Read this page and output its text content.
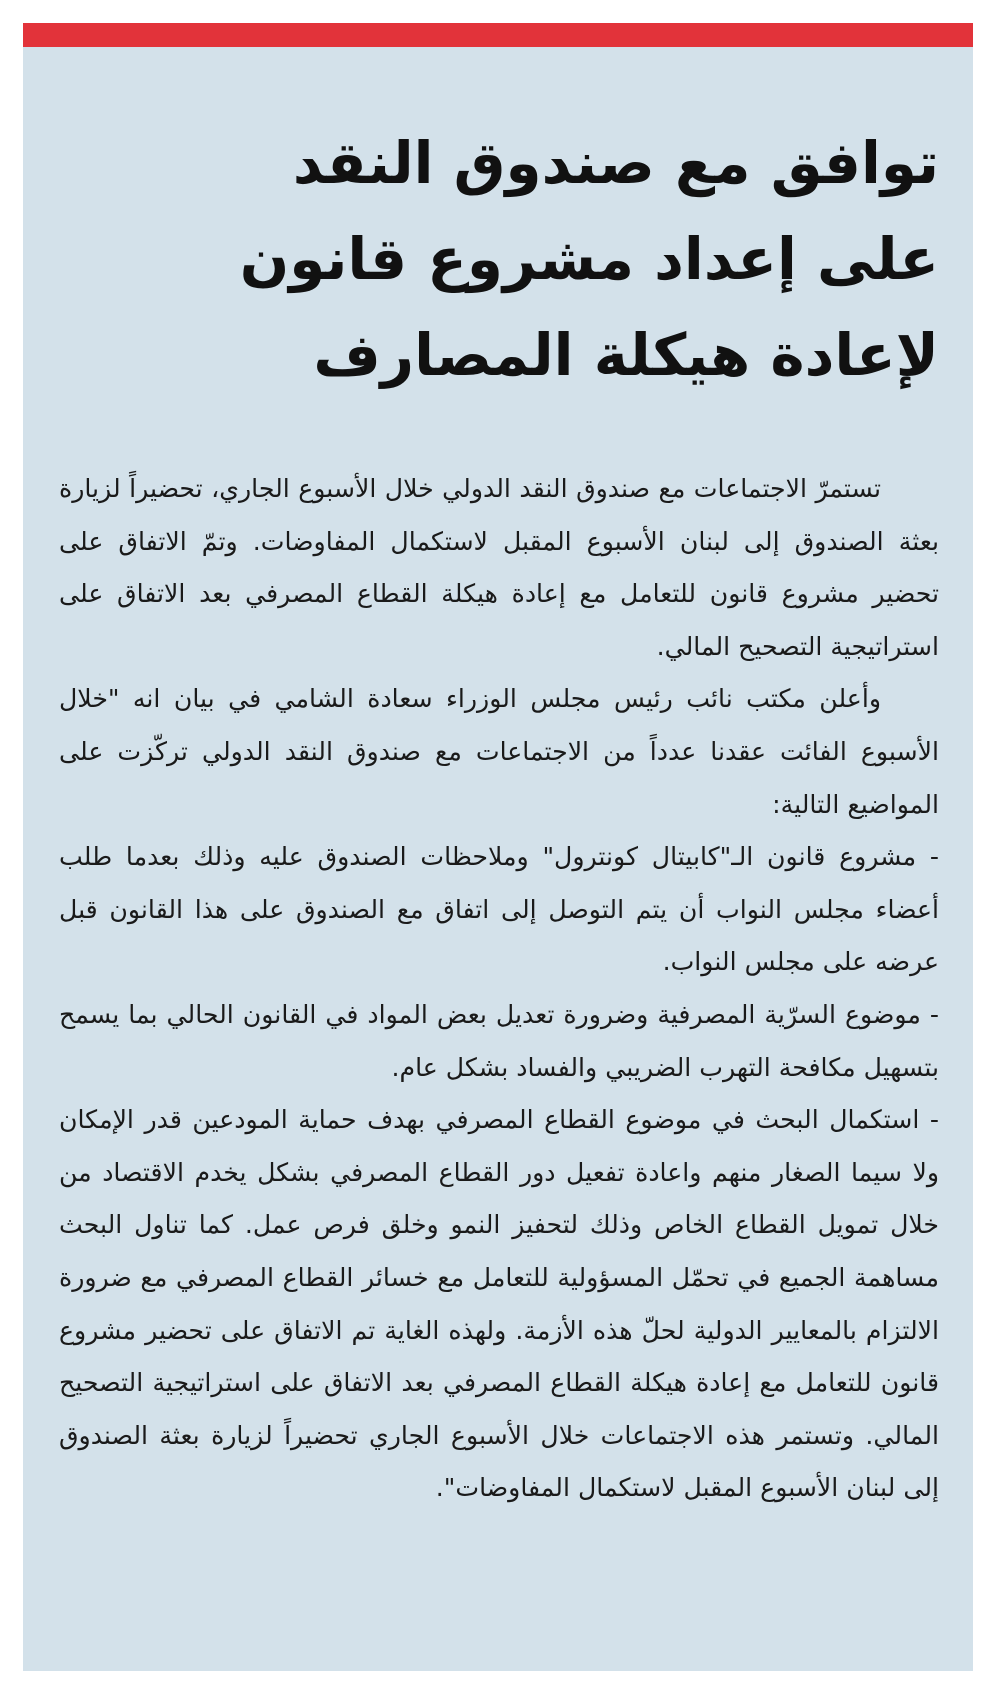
توافق مع صندوق النقد
على إعداد مشروع قانون
لإعادة هيكلة المصارف

تستمرّ الاجتماعات مع صندوق النقد الدولي خلال الأسبوع الجاري، تحضيراً لزيارة بعثة الصندوق إلى لبنان الأسبوع المقبل لاستكمال المفاوضات. وتمّ الاتفاق على تحضير مشروع قانون للتعامل مع إعادة هيكلة القطاع المصرفي بعد الاتفاق على استراتيجية التصحيح المالي.

وأعلن مكتب نائب رئيس مجلس الوزراء سعادة الشامي في بيان انه "خلال الأسبوع الفائت عقدنا عدداً من الاجتماعات مع صندوق النقد الدولي تركّزت على المواضيع التالية:

- مشروع قانون الـ"كابيتال كونترول" وملاحظات الصندوق عليه وذلك بعدما طلب أعضاء مجلس النواب أن يتم التوصل إلى اتفاق مع الصندوق على هذا القانون قبل عرضه على مجلس النواب.

- موضوع السرّية المصرفية وضرورة تعديل بعض المواد في القانون الحالي بما يسمح بتسهيل مكافحة التهرب الضريبي والفساد بشكل عام.

- استكمال البحث في موضوع القطاع المصرفي بهدف حماية المودعين قدر الإمكان ولا سيما الصغار منهم واعادة تفعيل دور القطاع المصرفي بشكل يخدم الاقتصاد من خلال تمويل القطاع الخاص وذلك لتحفيز النمو وخلق فرص عمل. كما تناول البحث مساهمة الجميع في تحمّل المسؤولية للتعامل مع خسائر القطاع المصرفي مع ضرورة الالتزام بالمعايير الدولية لحلّ هذه الأزمة. ولهذه الغاية تم الاتفاق على تحضير مشروع قانون للتعامل مع إعادة هيكلة القطاع المصرفي بعد الاتفاق على استراتيجية التصحيح المالي. وتستمر هذه الاجتماعات خلال الأسبوع الجاري تحضيراً لزيارة بعثة الصندوق إلى لبنان الأسبوع المقبل لاستكمال المفاوضات".
